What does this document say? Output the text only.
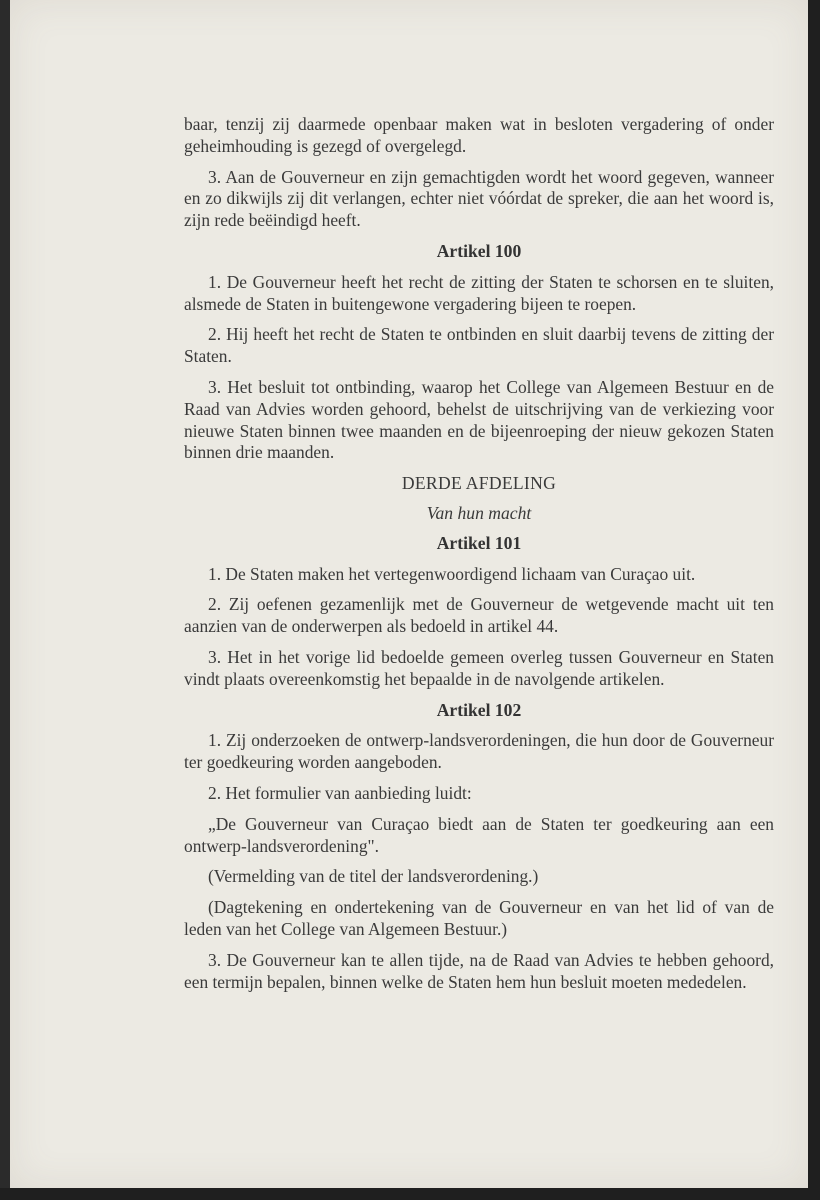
baar, tenzij zij daarmede openbaar maken wat in besloten vergadering of onder geheimhouding is gezegd of overgelegd.

3. Aan de Gouverneur en zijn gemachtigden wordt het woord gegeven, wanneer en zo dikwijls zij dit verlangen, echter niet vóórdat de spreker, die aan het woord is, zijn rede beëindigd heeft.

Artikel 100

1. De Gouverneur heeft het recht de zitting der Staten te schorsen en te sluiten, alsmede de Staten in buitengewone vergadering bijeen te roepen.

2. Hij heeft het recht de Staten te ontbinden en sluit daarbij tevens de zitting der Staten.

3. Het besluit tot ontbinding, waarop het College van Algemeen Bestuur en de Raad van Advies worden gehoord, behelst de uitschrijving van de verkiezing voor nieuwe Staten binnen twee maanden en de bijeenroeping der nieuw gekozen Staten binnen drie maanden.

DERDE AFDELING
Van hun macht
Artikel 101

1. De Staten maken het vertegenwoordigend lichaam van Curaçao uit.

2. Zij oefenen gezamenlijk met de Gouverneur de wetgevende macht uit ten aanzien van de onderwerpen als bedoeld in artikel 44.

3. Het in het vorige lid bedoelde gemeen overleg tussen Gouverneur en Staten vindt plaats overeenkomstig het bepaalde in de navolgende artikelen.

Artikel 102

1. Zij onderzoeken de ontwerp-landsverordeningen, die hun door de Gouverneur ter goedkeuring worden aangeboden.

2. Het formulier van aanbieding luidt:

„De Gouverneur van Curaçao biedt aan de Staten ter goedkeuring aan een ontwerp-landsverordening".

(Vermelding van de titel der landsverordening.)

(Dagtekening en ondertekening van de Gouverneur en van het lid of van de leden van het College van Algemeen Bestuur.)

3. De Gouverneur kan te allen tijde, na de Raad van Advies te hebben gehoord, een termijn bepalen, binnen welke de Staten hem hun besluit moeten mededelen.
